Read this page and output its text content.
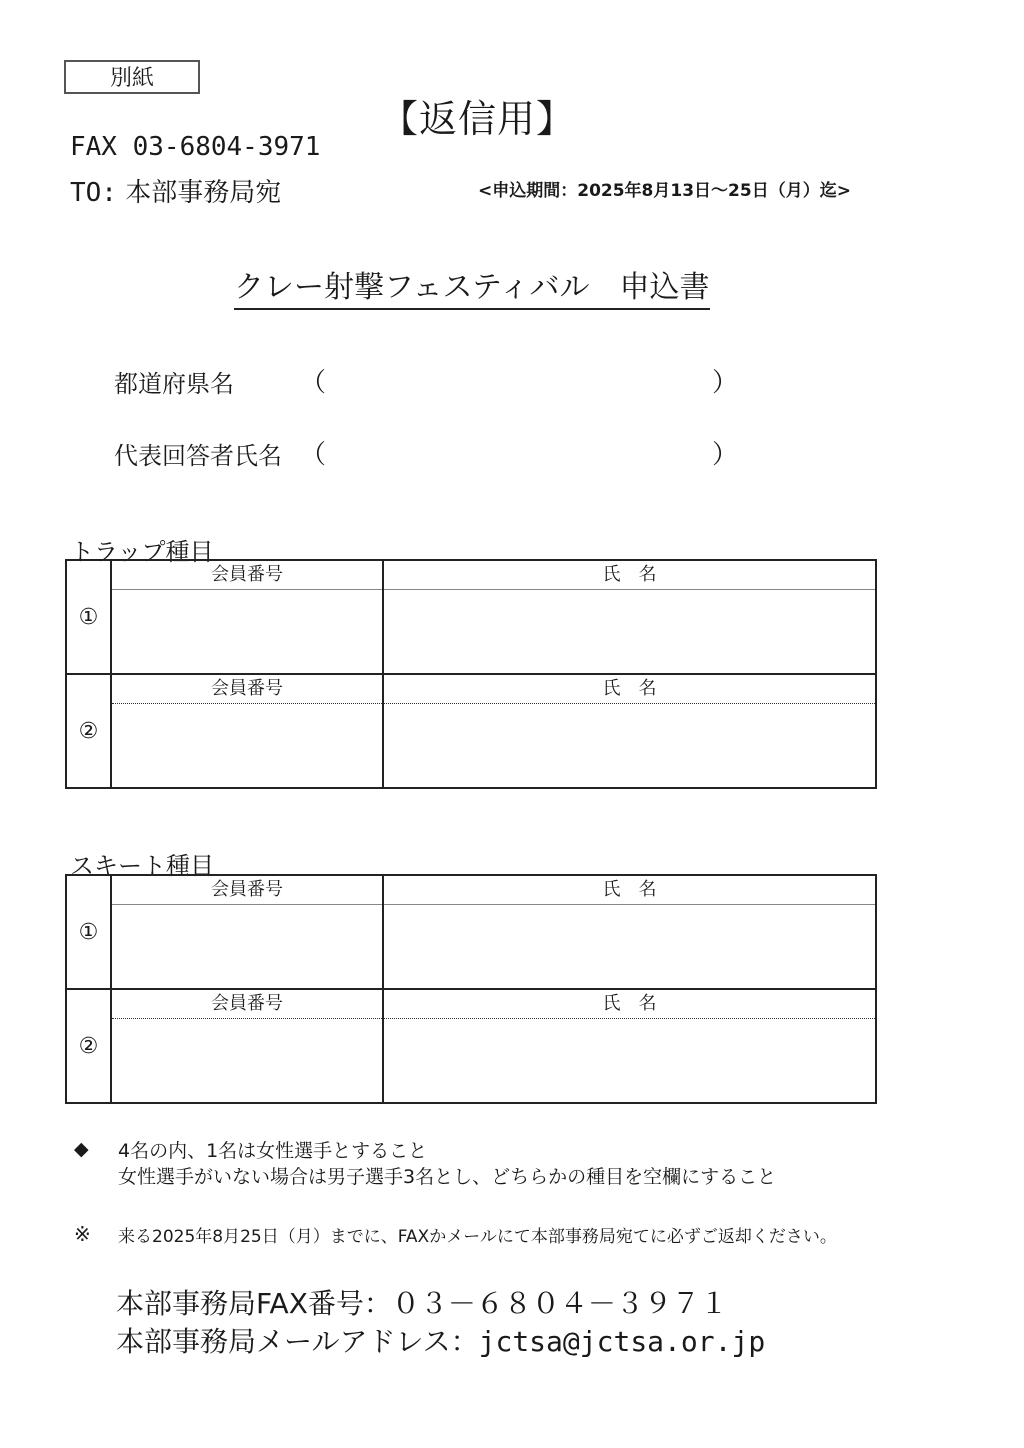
別紙
【返信用】
FAX 03-6804-3971
TO: 本部事務局宛	<申込期間：2025年8月13日～25日（月）迄>
クレー射撃フェスティバル　申込書
都道府県名	（	）
代表回答者氏名 （	）
トラップ種目
①	会員番号	氏　名

②	会員番号	氏　名
スキート種目
①	会員番号	氏　名

②	会員番号	氏　名
◆ 4名の内、1名は女性選手とすること
女性選手がいない場合は男子選手3名とし、どちらかの種目を空欄にすること
※ 来る2025年8月25日（月）までに、FAXかメールにて本部事務局宛てに必ずご返却ください。
本部事務局FAX番号：０３－６８０４－３９７１
本部事務局メールアドレス：jctsa@jctsa.or.jp
